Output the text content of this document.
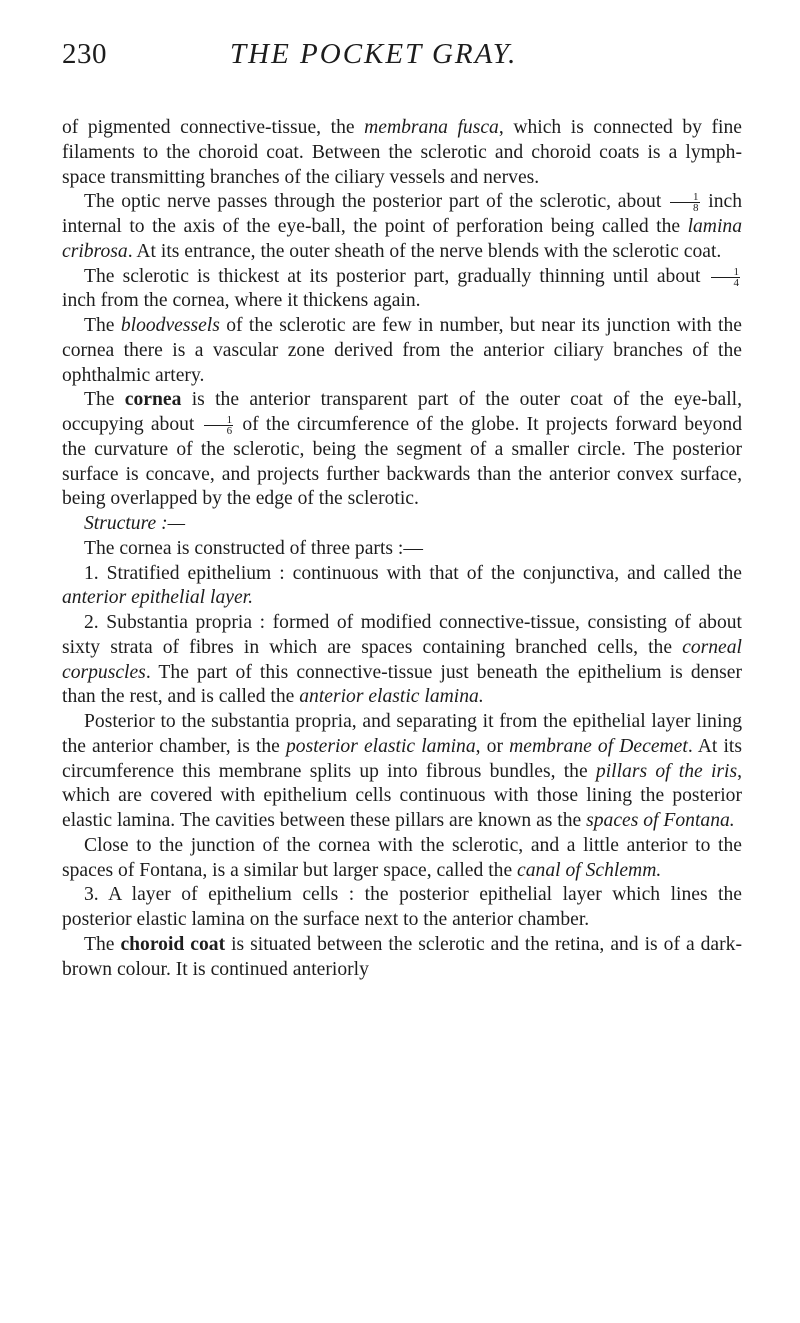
230	THE POCKET GRAY.

of pigmented connective-tissue, the membrana fusca, which is connected by fine filaments to the choroid coat. Between the sclerotic and choroid coats is a lymph-space transmitting branches of the ciliary vessels and nerves.

The optic nerve passes through the posterior part of the sclerotic, about $\frac{1}{8}$ inch internal to the axis of the eye-ball, the point of perforation being called the lamina cribrosa. At its entrance, the outer sheath of the nerve blends with the sclerotic coat.

The sclerotic is thickest at its posterior part, gradually thinning until about $\frac{1}{4}$
inch from the cornea, where it thickens again.

The bloodvessels of the sclerotic are few in number, but near its junction with the cornea there is a vascular zone derived from the anterior ciliary branches of the ophthalmic artery.

The cornea is the anterior transparent part of the outer coat of the eye-ball, occupying about $\frac{1}{6}$ of the circumference of the globe. It projects forward beyond the curvature of the sclerotic, being the segment of a smaller circle. The posterior surface is concave, and projects further backwards than the anterior convex surface, being overlapped by the edge of the sclerotic.

Structure :—

The cornea is constructed of three parts :—

1. Stratified epithelium : continuous with that of the conjunctiva, and called the anterior epithelial layer.

2. Substantia propria : formed of modified connective-tissue, consisting of about sixty strata of fibres in which are spaces containing branched cells, the corneal corpuscles. The part of this connective-tissue just beneath the epithelium is denser than the rest, and is called the anterior elastic lamina.

Posterior to the substantia propria, and separating it from the epithelial layer lining the anterior chamber, is the posterior elastic lamina, or membrane of Decemet. At its circumference this membrane splits up into fibrous bundles, the pillars of the iris, which are covered with epithelium cells continuous with those lining the posterior elastic lamina. The cavities between these pillars are known as the spaces of Fontana.

Close to the junction of the cornea with the sclerotic, and a little anterior to the spaces of Fontana, is a similar but larger space, called the canal of Schlemm.

3. A layer of epithelium cells : the posterior epithelial layer which lines the posterior elastic lamina on the surface next to the anterior chamber.

The choroid coat is situated between the sclerotic and the retina, and is of a dark-brown colour. It is continued anteriorly
